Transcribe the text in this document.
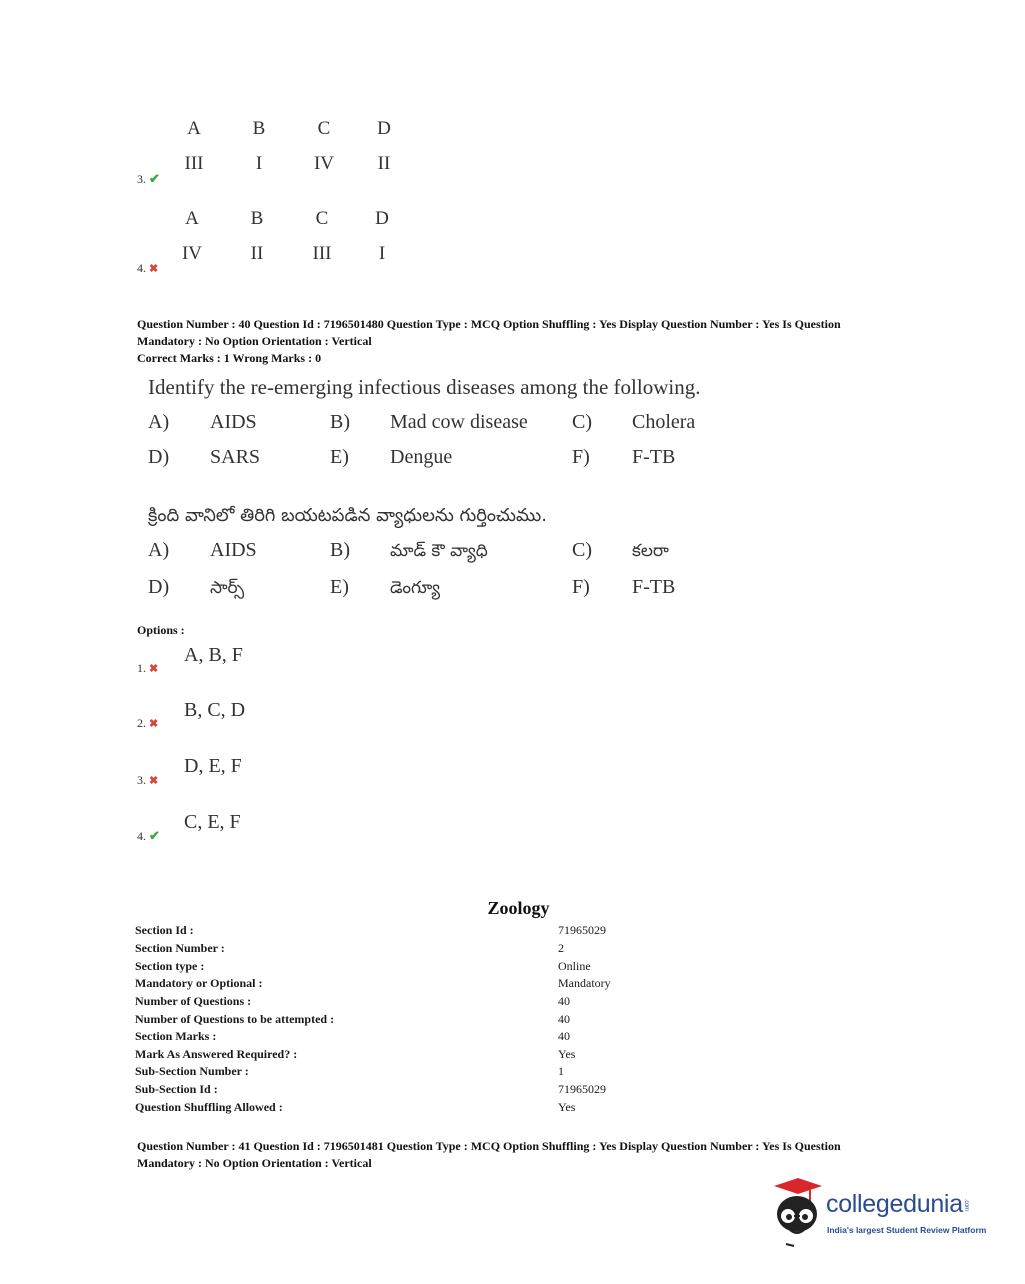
A	B	C	D
III	I	IV	II
3. ✔
A	B	C	D
IV	II	III	I
4. ✖
Question Number : 40 Question Id : 7196501480 Question Type : MCQ Option Shuffling : Yes Display Question Number : Yes Is Question
Mandatory : No Option Orientation : Vertical
Correct Marks : 1 Wrong Marks : 0
Identify the re-emerging infectious diseases among the following.
A) AIDS	B) Mad cow disease C) Cholera
D) SARS	E) Dengue	F) F-TB
క్రింది వానిలో తిరిగి బయటపడిన వ్యాధులను గుర్తించుము.
A) AIDS	B) మాడ్ కౌ వ్యాధి	C) కలరా
D) సార్స్	E) డెంగ్యూ	F) F-TB
Options :
A, B, F
1. ✖
B, C, D
2. ✖
D, E, F
3. ✖
C, E, F
4. ✔
Zoology
Section Id :	71965029
Section Number :	2
Section type :	Online
Mandatory or Optional :	Mandatory
Number of Questions :	40
Number of Questions to be attempted :	40
Section Marks :	40
Mark As Answered Required? :	Yes
Sub-Section Number :	1
Sub-Section Id :	71965029
Question Shuffling Allowed :	Yes
Question Number : 41 Question Id : 7196501481 Question Type : MCQ Option Shuffling : Yes Display Question Number : Yes Is Question
Mandatory : No Option Orientation : Vertical
collegedunia.com
India's largest Student Review Platform
